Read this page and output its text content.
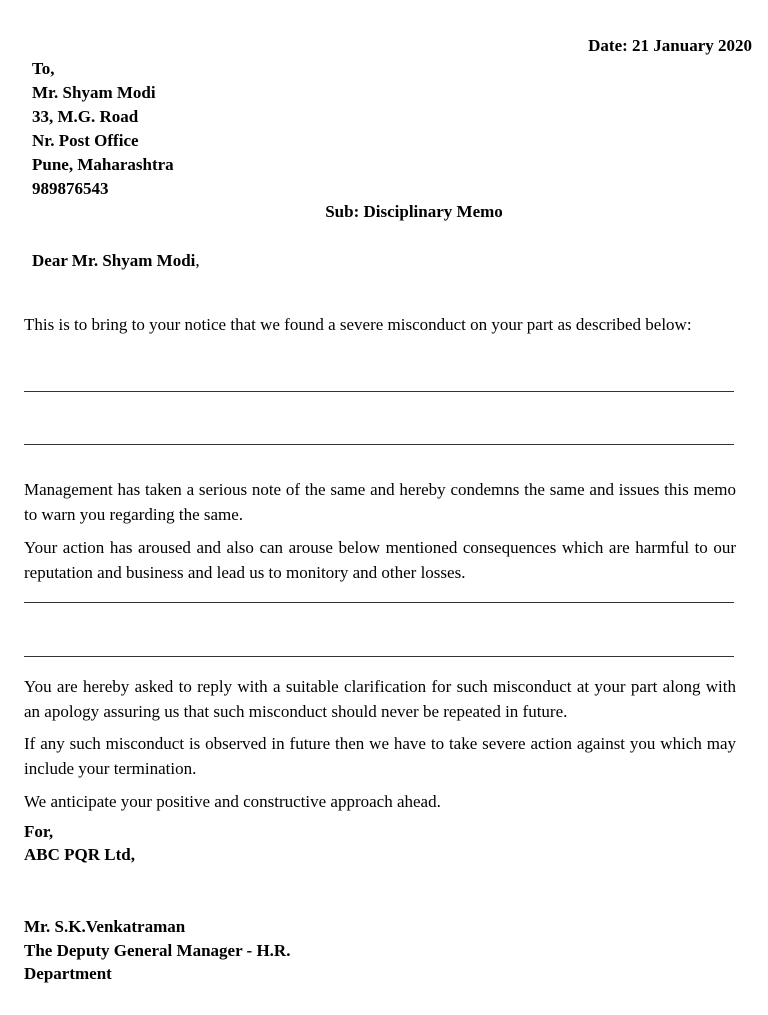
Date: 21 January 2020
To,
Mr. Shyam Modi
33, M.G. Road
Nr. Post Office
Pune, Maharashtra
989876543
Sub: Disciplinary Memo
Dear Mr. Shyam Modi,
This is to bring to your notice that we found a severe misconduct on your part as described below:
Management has taken a serious note of the same and hereby condemns the same and issues this memo to warn you regarding the same.
Your action has aroused and also can arouse below mentioned consequences which are harmful to our reputation and business and lead us to monitory and other losses.
You are hereby asked to reply with a suitable clarification for such misconduct at your part along with an apology assuring us that such misconduct should never be repeated in future.
If any such misconduct is observed in future then we have to take severe action against you which may include your termination.
We anticipate your positive and constructive approach ahead.
For,
ABC PQR Ltd,
Mr. S.K.Venkatraman
The Deputy General Manager - H.R.
Department
